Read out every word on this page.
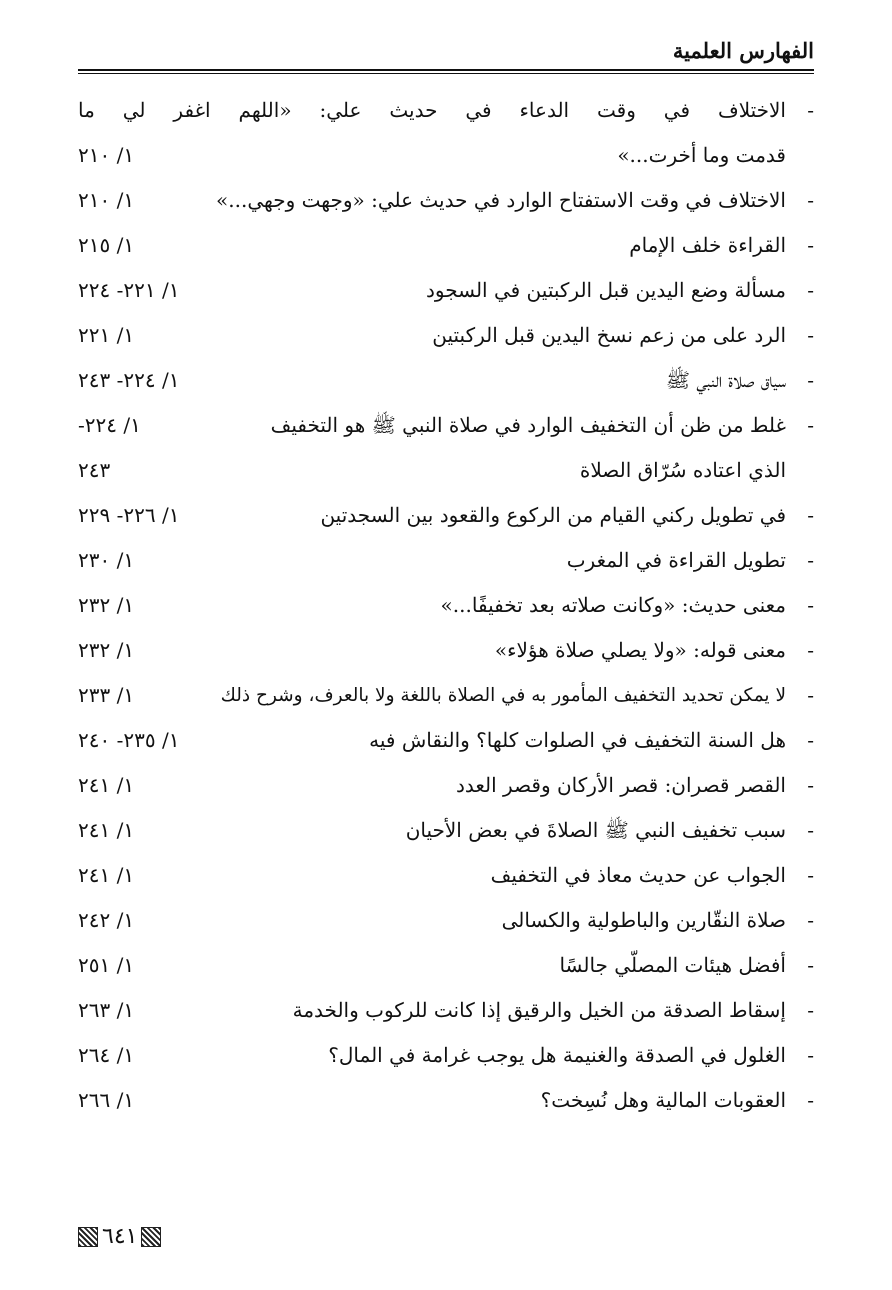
الفهارس العلمية
-
الاختلاف في وقت الدعاء في حديث علي: «اللهم اغفر لي ما
قدمت وما أخرت...»
١/ ٢١٠
-
الاختلاف في وقت الاستفتاح الوارد في حديث علي: «وجهت وجهي...»
١/ ٢١٠
-
القراءة خلف الإمام
١/ ٢١٥
-
مسألة وضع اليدين قبل الركبتين في السجود
١/ ٢٢١- ٢٢٤
-
الرد على من زعم نسخ اليدين قبل الركبتين
١/ ٢٢١
-
سياق صلاة النبي ﷺ
١/ ٢٢٤- ٢٤٣
-
غلط من ظن أن التخفيف الوارد في صلاة النبي ﷺ هو التخفيف
١/ ٢٢٤-
الذي اعتاده سُرّاق الصلاة
٢٤٣
-
في تطويل ركني القيام من الركوع والقعود بين السجدتين
١/ ٢٢٦- ٢٢٩
-
تطويل القراءة في المغرب
١/ ٢٣٠
-
معنى حديث: «وكانت صلاته بعد تخفيفًا...»
١/ ٢٣٢
-
معنى قوله: «ولا يصلي صلاة هؤلاء»
١/ ٢٣٢
-
لا يمكن تحديد التخفيف المأمور به في الصلاة باللغة ولا بالعرف، وشرح ذلك
١/ ٢٣٣
-
هل السنة التخفيف في الصلوات كلها؟ والنقاش فيه
١/ ٢٣٥- ٢٤٠
-
القصر قصران: قصر الأركان وقصر العدد
١/ ٢٤١
-
سبب تخفيف النبي ﷺ الصلاةَ في بعض الأحيان
١/ ٢٤١
-
الجواب عن حديث معاذ في التخفيف
١/ ٢٤١
-
صلاة النقّارين والباطولية والكسالى
١/ ٢٤٢
-
أفضل هيئات المصلّي جالسًا
١/ ٢٥١
-
إسقاط الصدقة من الخيل والرقيق إذا كانت للركوب والخدمة
١/ ٢٦٣
-
الغلول في الصدقة والغنيمة هل يوجب غرامة في المال؟
١/ ٢٦٤
-
العقوبات المالية وهل نُسِخت؟
١/ ٢٦٦
٦٤١
